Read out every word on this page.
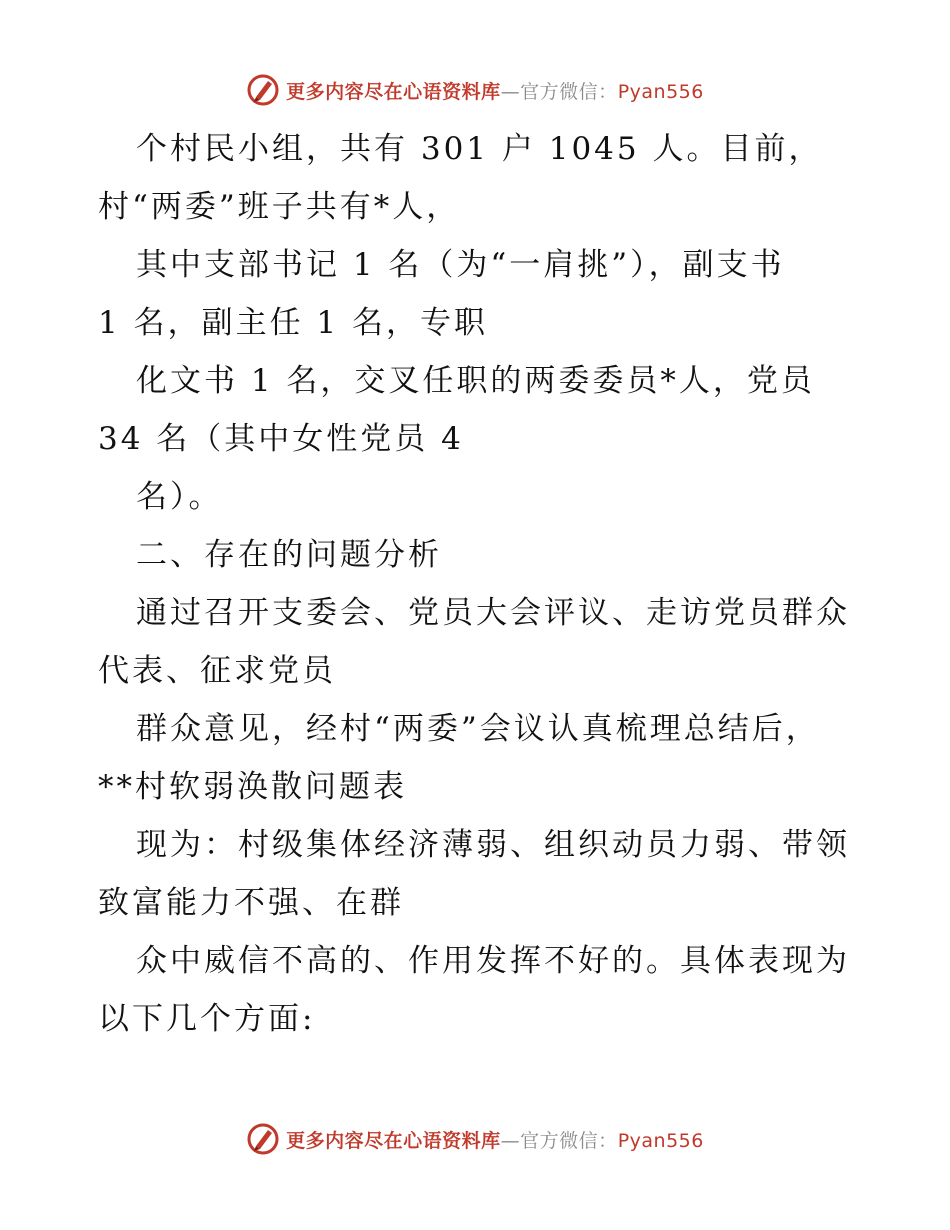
更多内容尽在心语资料库—官方微信：Pyan556
个村民小组，共有 301 户 1045 人。目前，
村“两委”班子共有*人，
其中支部书记 1 名（为“一肩挑”），副支书
1 名，副主任 1 名，专职
化文书 1 名，交叉任职的两委委员*人，党员
34 名（其中女性党员 4
名）。
二、存在的问题分析
通过召开支委会、党员大会评议、走访党员群众
代表、征求党员
群众意见，经村“两委”会议认真梳理总结后，
**村软弱涣散问题表
现为：村级集体经济薄弱、组织动员力弱、带领
致富能力不强、在群
众中威信不高的、作用发挥不好的。具体表现为
以下几个方面:
更多内容尽在心语资料库—官方微信：Pyan556
